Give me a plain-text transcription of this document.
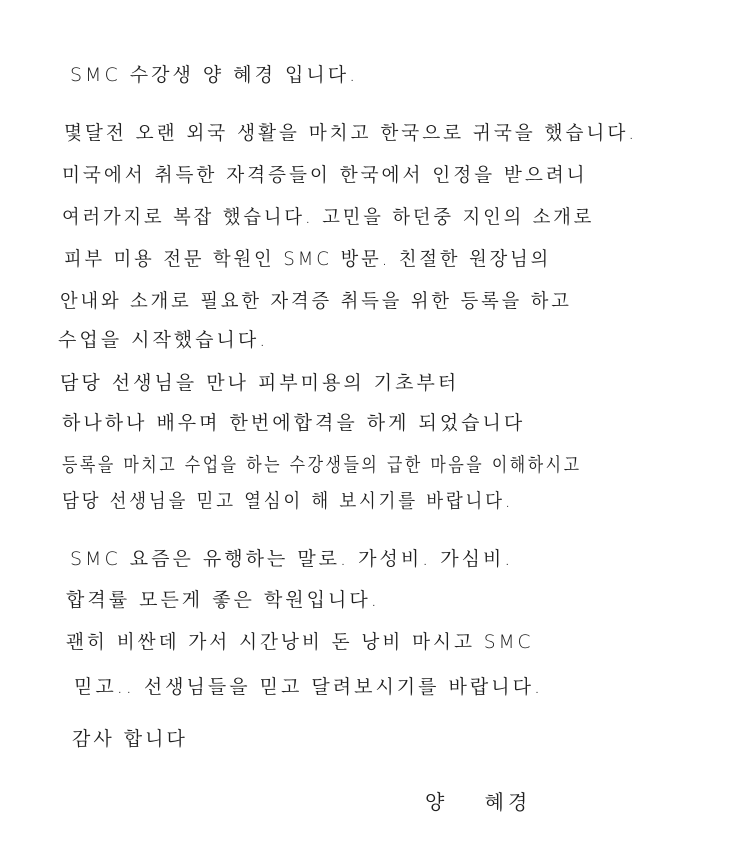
SMC 수강생 양 혜경 입니다.
몇달전 오랜 외국 생활을 마치고 한국으로 귀국을 했습니다.
미국에서 취득한 자격증들이 한국에서 인정을 받으려니
여러가지로 복잡 했습니다. 고민을 하던중 지인의 소개로
피부 미용 전문 학원인 SMC 방문. 친절한 원장님의
안내와 소개로 필요한 자격증 취득을 위한 등록을 하고
수업을 시작했습니다.
담당 선생님을 만나 피부미용의 기초부터
하나하나 배우며 한번에합격을 하게 되었습니다
등록을 마치고 수업을 하는 수강생들의 급한 마음을 이해하시고
담당 선생님을 믿고 열심이 해 보시기를 바랍니다.
SMC 요즘은 유행하는 말로. 가성비. 가심비.
합격률 모든게 좋은 학원입니다.
괜히 비싼데 가서 시간낭비 돈 낭비 마시고 SMC
믿고.. 선생님들을 믿고 달려보시기를 바랍니다.
감사 합니다
양 혜경
